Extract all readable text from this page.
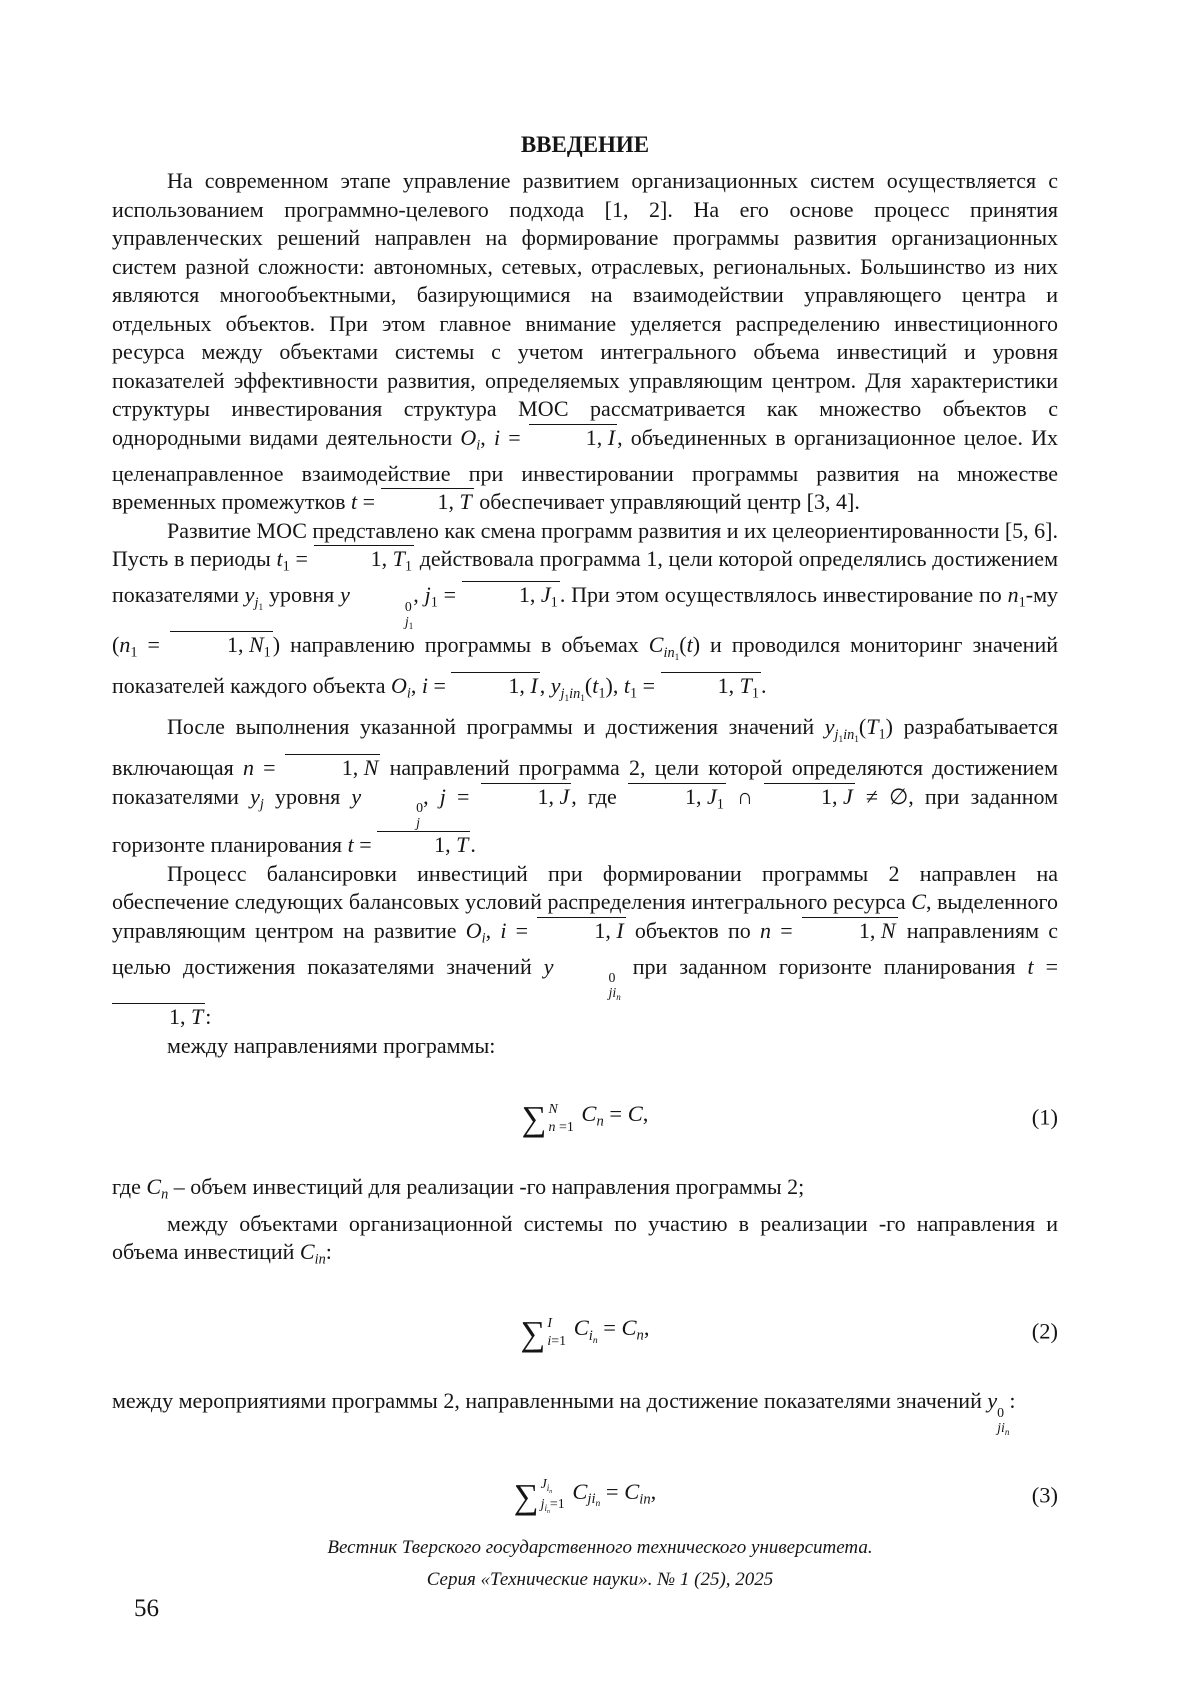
ВВЕДЕНИЕ

На современном этапе управление развитием организационных систем осуществляется с использованием программно-целевого подхода [1, 2]. На его основе процесс принятия управленческих решений направлен на формирование программы развития организационных систем разной сложности: автономных, сетевых, отраслевых, региональных. Большинство из них являются многообъектными, базирующимися на взаимодействии управляющего центра и отдельных объектов. При этом главное внимание уделяется распределению инвестиционного ресурса между объектами системы с учетом интегрального объема инвестиций и уровня показателей эффективности развития, определяемых управляющим центром. Для характеристики структуры инвестирования структура МОС рассматривается как множество объектов с однородными видами деятельности $O_i$, i =	1, I, объединенных в организационное целое. Их целенаправленное взаимодействие при инвестировании программы развития на множестве временных промежутков t =	1, T обеспечивает управляющий центр [3, 4].

Развитие МОС представлено как смена программ развития и их целеориентированности [5, 6]. Пусть в периоды $t_1$ =	1, $T_1$ действовала программа 1, цели которой определялись достижением показателями $y_{j_1}$ уровня y	0
$j_1$
, $j_1$ =	1, $J_1$. При этом осуществлялось инвестирование по $n_1-му$ ($n_1$ =	1, $N_1$) направлению программы в объемах $C_{in_1}(t)$ и проводился мониторинг значений показателей каждого объекта $O_i$, i =	1, I, $y_{j_1in_1}(t_1)$, $t_1$ =	1, $T_1$.

После выполнения указанной программы и достижения значений $y_{j_1in_1}(T_1)$ разрабатывается включающая n =	1, N направлений программа 2, цели которой определяются достижением показателями $y_j$ уровня y	0
j
, j =	1, J, где	1, $J_1$ ∩	1, J ≠ ∅, при заданном горизонте планирования t =	1, T.

Процесс балансировки инвестиций при формировании программы 2 направлен на обеспечение следующих балансовых условий распределения интегрального ресурса C, выделенного управляющим центром на развитие $O_i$, i =	1, I объектов по n =	1, N направлениям с целью достижения показателями значений y	0
$ji_n$
при заданном горизонте планирования t = 1, T:

между направлениями программы:

∑ N
n =1
$C_n = C$,	(1)

где $C_n$ – объем инвестиций для реализации -го направления программы 2;

между объектами организационной системы по участию в реализации -го направления и объема инвестиций $C_{in}$:

∑ I
i=1
$C_{i_n} = C_n$,	(2)

между мероприятиями программы 2, направленными на достижение показателями значений y 0
$ji_n$
:

∑ $J_{i_n}$
$j_{i_n}=1$
$C_{ji_n} = C_{in}$,	(3)
Вестник Тверского государственного технического университета.
Серия «Технические науки». № 1 (25), 2025
56
